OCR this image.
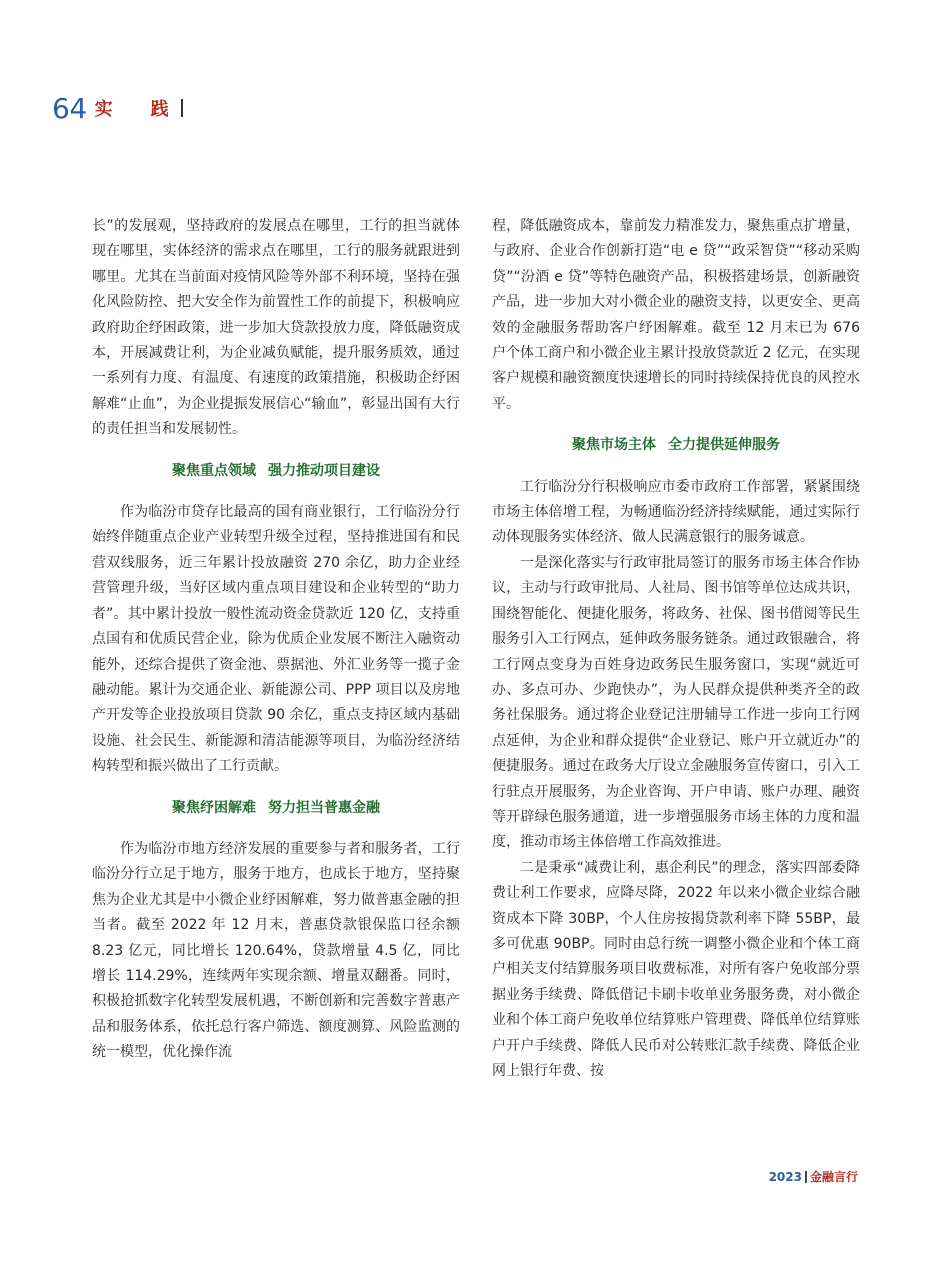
64 实　践

长”的发展观，坚持政府的发展点在哪里，工行的担当就体现在哪里，实体经济的需求点在哪里，工行的服务就跟进到哪里。尤其在当前面对疫情风险等外部不利环境，坚持在强化风险防控、把大安全作为前置性工作的前提下，积极响应政府助企纾困政策，进一步加大贷款投放力度，降低融资成本，开展减费让利，为企业减负赋能，提升服务质效，通过一系列有力度、有温度、有速度的政策措施，积极助企纾困解难“止血”，为企业提振发展信心“输血”，彰显出国有大行的责任担当和发展韧性。

聚焦重点领域 强力推动项目建设

作为临汾市贷存比最高的国有商业银行，工行临汾分行始终伴随重点企业产业转型升级全过程，坚持推进国有和民营双线服务，近三年累计投放融资 270 余亿，助力企业经营管理升级，当好区域内重点项目建设和企业转型的“助力者”。其中累计投放一般性流动资金贷款近 120 亿，支持重点国有和优质民营企业，除为优质企业发展不断注入融资动能外，还综合提供了资金池、票据池、外汇业务等一揽子金融动能。累计为交通企业、新能源公司、PPP 项目以及房地产开发等企业投放项目贷款 90 余亿，重点支持区域内基础设施、社会民生、新能源和清洁能源等项目，为临汾经济结构转型和振兴做出了工行贡献。

聚焦纾困解难 努力担当普惠金融

作为临汾市地方经济发展的重要参与者和服务者，工行临汾分行立足于地方，服务于地方，也成长于地方，坚持聚焦为企业尤其是中小微企业纾困解难，努力做普惠金融的担当者。截至 2022 年 12 月末，普惠贷款银保监口径余额 8.23 亿元，同比增长 120.64%，贷款增量 4.5 亿，同比增长 114.29%，连续两年实现余额、增量双翻番。同时，积极抢抓数字化转型发展机遇，不断创新和完善数字普惠产品和服务体系，依托总行客户筛选、额度测算、风险监测的统一模型，优化操作流

程，降低融资成本，靠前发力精准发力，聚焦重点扩增量，与政府、企业合作创新打造“电 e 贷”“政采智贷”“移动采购贷”“汾酒 e 贷”等特色融资产品，积极搭建场景，创新融资产品，进一步加大对小微企业的融资支持，以更安全、更高效的金融服务帮助客户纾困解难。截至 12 月末已为 676 户个体工商户和小微企业主累计投放贷款近 2 亿元，在实现客户规模和融资额度快速增长的同时持续保持优良的风控水平。

聚焦市场主体 全力提供延伸服务

工行临汾分行积极响应市委市政府工作部署，紧紧围绕市场主体倍增工程，为畅通临汾经济持续赋能，通过实际行动体现服务实体经济、做人民满意银行的服务诚意。

一是深化落实与行政审批局签订的服务市场主体合作协议，主动与行政审批局、人社局、图书馆等单位达成共识，围绕智能化、便捷化服务，将政务、社保、图书借阅等民生服务引入工行网点，延伸政务服务链条。通过政银融合，将工行网点变身为百姓身边政务民生服务窗口，实现“就近可办、多点可办、少跑快办”，为人民群众提供种类齐全的政务社保服务。通过将企业登记注册辅导工作进一步向工行网点延伸，为企业和群众提供“企业登记、账户开立就近办”的便捷服务。通过在政务大厅设立金融服务宣传窗口，引入工行驻点开展服务，为企业咨询、开户申请、账户办理、融资等开辟绿色服务通道，进一步增强服务市场主体的力度和温度，推动市场主体倍增工作高效推进。

二是秉承“减费让利，惠企利民”的理念，落实四部委降费让利工作要求，应降尽降，2022 年以来小微企业综合融资成本下降 30BP，个人住房按揭贷款利率下降 55BP，最多可优惠 90BP。同时由总行统一调整小微企业和个体工商户相关支付结算服务项目收费标准，对所有客户免收部分票据业务手续费、降低借记卡刷卡收单业务服务费，对小微企业和个体工商户免收单位结算账户管理费、降低单位结算账户开户手续费、降低人民币对公转账汇款手续费、降低企业网上银行年费、按

2023 金融言行
